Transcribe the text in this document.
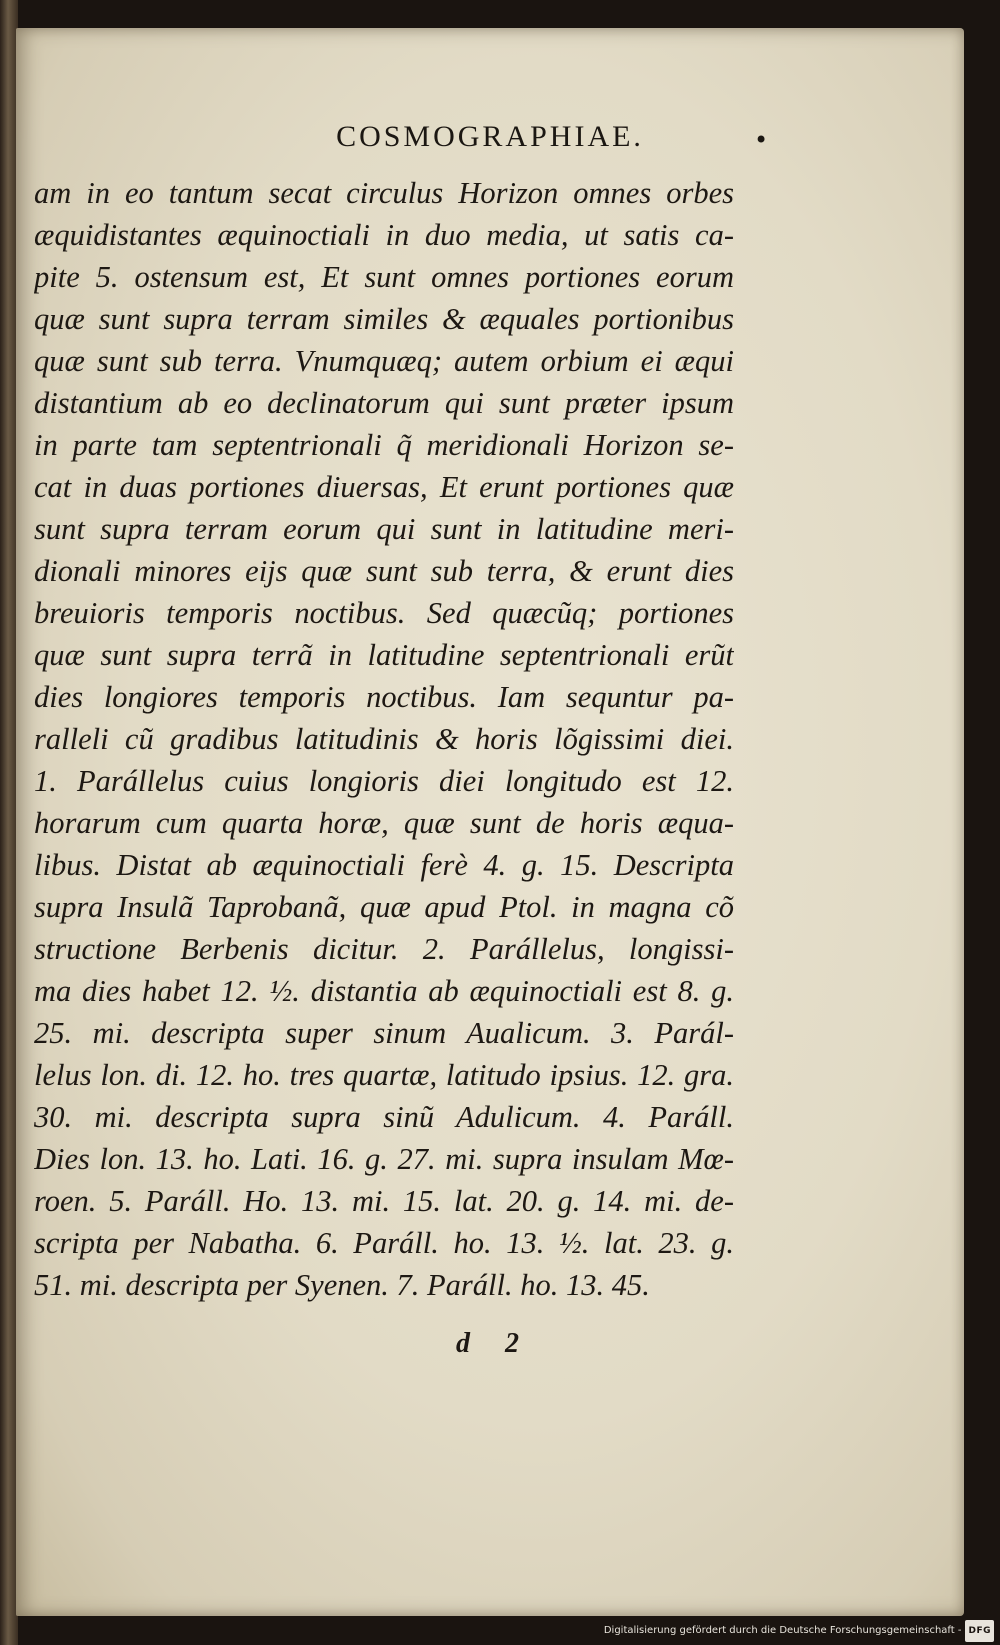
COSMOGRAPHIAE.	•
am in eo tantum secat circulus Horizon omnes orbes
æquidistantes æquinoctiali in duo media, ut satis ca-
pite 5. ostensum est, Et sunt omnes portiones eorum
quæ sunt supra terram similes & æquales portionibus
quæ sunt sub terra. Vnumquæq; autem orbium ei æqui
distantium ab eo declinatorum qui sunt præter ipsum
in parte tam septentrionali q̃ meridionali Horizon se-
cat in duas portiones diuersas, Et erunt portiones quæ
sunt supra terram eorum qui sunt in latitudine meri-
dionali minores eijs quæ sunt sub terra, & erunt dies
breuioris temporis noctibus. Sed quæcũq; portiones
quæ sunt supra terrã in latitudine septentrionali erũt
dies longiores temporis noctibus. Iam sequntur pa-
ralleli cũ gradibus latitudinis & horis lõgissimi diei.
1. Parállelus cuius longioris diei longitudo est 12.
horarum cum quarta horæ, quæ sunt de horis æqua-
libus. Distat ab æquinoctiali ferè 4. g. 15. Descripta
supra Insulã Taprobanã, quæ apud Ptol. in magna cõ
structione Berbenis dicitur. 2. Parállelus, longissi-
ma dies habet 12. ½. distantia ab æquinoctiali est 8. g.
25. mi. descripta super sinum Aualicum. 3. Parál-
lelus lon. di. 12. ho. tres quartæ, latitudo ipsius. 12. gra.
30. mi. descripta supra sinũ Adulicum. 4. Paráll.
Dies lon. 13. ho. Lati. 16. g. 27. mi. supra insulam Mœ-
roen. 5. Paráll. Ho. 13. mi. 15. lat. 20. g. 14. mi. de-
scripta per Nabatha. 6. Paráll. ho. 13. ½. lat. 23. g.
51. mi. descripta per Syenen. 7. Paráll. ho. 13. 45.
d 2
Digitalisierung gefördert durch die Deutsche Forschungsgemeinschaft - DFG
